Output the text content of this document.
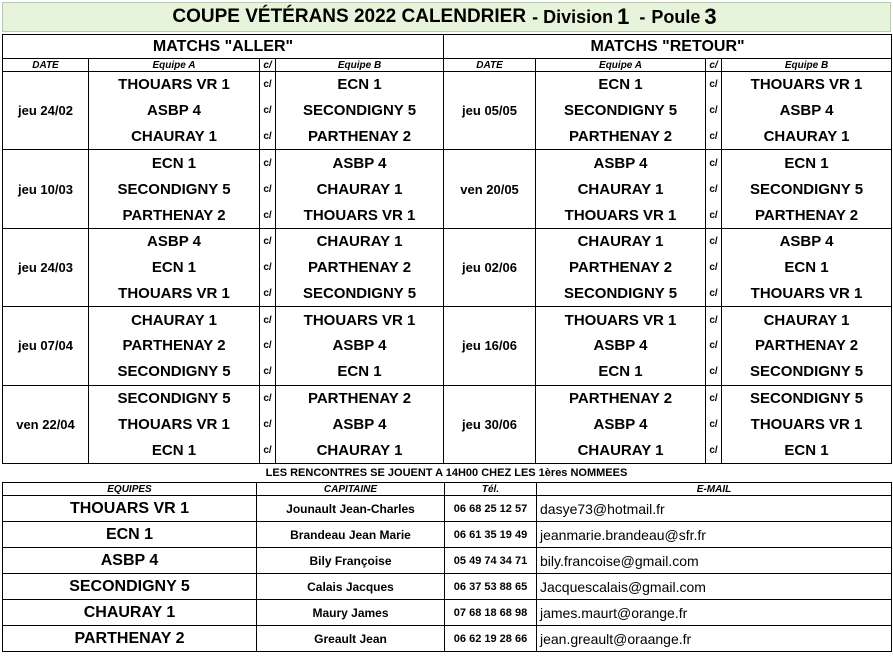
COUPE VÉTÉRANS 2022 CALENDRIER - Division 1 - Poule 3
MATCHS "ALLER"				MATCHS "RETOUR"			
DATE	Equipe A	c/	Equipe B	DATE	Equipe A	c/	Equipe B
jeu 24/02	THOUARS VR 1	c/	ECN 1	jeu 05/05	ECN 1	c/	THOUARS VR 1
	ASBP 4	c/	SECONDIGNY 5		SECONDIGNY 5	c/	ASBP 4
	CHAURAY 1	c/	PARTHENAY 2		PARTHENAY 2	c/	CHAURAY 1
jeu 10/03	ECN 1	c/	ASBP 4	ven 20/05	ASBP 4	c/	ECN 1
	SECONDIGNY 5	c/	CHAURAY 1		CHAURAY 1	c/	SECONDIGNY 5
	PARTHENAY 2	c/	THOUARS VR 1		THOUARS VR 1	c/	PARTHENAY 2
jeu 24/03	ASBP 4	c/	CHAURAY 1	jeu 02/06	CHAURAY 1	c/	ASBP 4
	ECN 1	c/	PARTHENAY 2		PARTHENAY 2	c/	ECN 1
	THOUARS VR 1	c/	SECONDIGNY 5		SECONDIGNY 5	c/	THOUARS VR 1
jeu 07/04	CHAURAY 1	c/	THOUARS VR 1	jeu 16/06	THOUARS VR 1	c/	CHAURAY 1
	PARTHENAY 2	c/	ASBP 4		ASBP 4	c/	PARTHENAY 2
	SECONDIGNY 5	c/	ECN 1		ECN 1	c/	SECONDIGNY 5
ven 22/04	SECONDIGNY 5	c/	PARTHENAY 2	jeu 30/06	PARTHENAY 2	c/	SECONDIGNY 5
	THOUARS VR 1	c/	ASBP 4		ASBP 4	c/	THOUARS VR 1
	ECN 1	c/	CHAURAY 1		CHAURAY 1	c/	ECN 1
LES RENCONTRES SE JOUENT A 14H00 CHEZ LES 1ères NOMMEES
EQUIPES	CAPITAINE	Tél.	E-MAIL
THOUARS VR 1	Jounault Jean-Charles	06 68 25 12 57	dasye73@hotmail.fr
ECN 1	Brandeau Jean Marie	06 61 35 19 49	jeanmarie.brandeau@sfr.fr
ASBP 4	Bily Françoise	05 49 74 34 71	bily.francoise@gmail.com
SECONDIGNY 5	Calais Jacques	06 37 53 88 65	Jacquescalais@gmail.com
CHAURAY 1	Maury James	07 68 18 68 98	james.maurt@orange.fr
PARTHENAY 2	Greault Jean	06 62 19 28 66	jean.greault@oraange.fr
